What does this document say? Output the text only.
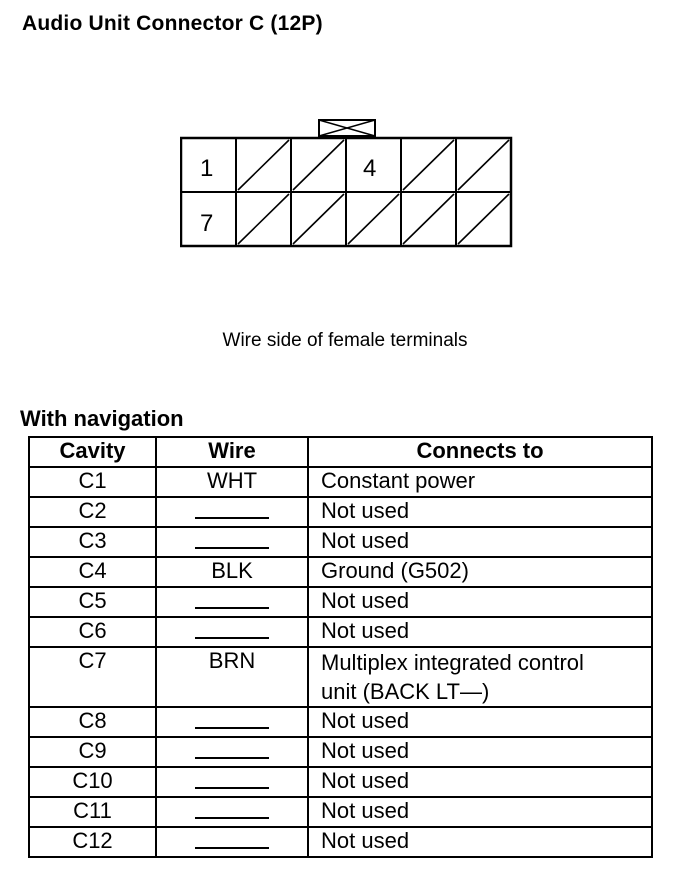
Audio Unit Connector C (12P)
1	4
7
Wire side of female terminals
With navigation
Cavity	Wire	Connects to
C1	WHT	Constant power
C2		Not used
C3		Not used
C4	BLK	Ground (G502)
C5		Not used
C6		Not used
C7	BRN	Multiplex integrated control
unit (BACK LT—)

C8		Not used
C9		Not used
C10		Not used
C11		Not used
C12		Not used
